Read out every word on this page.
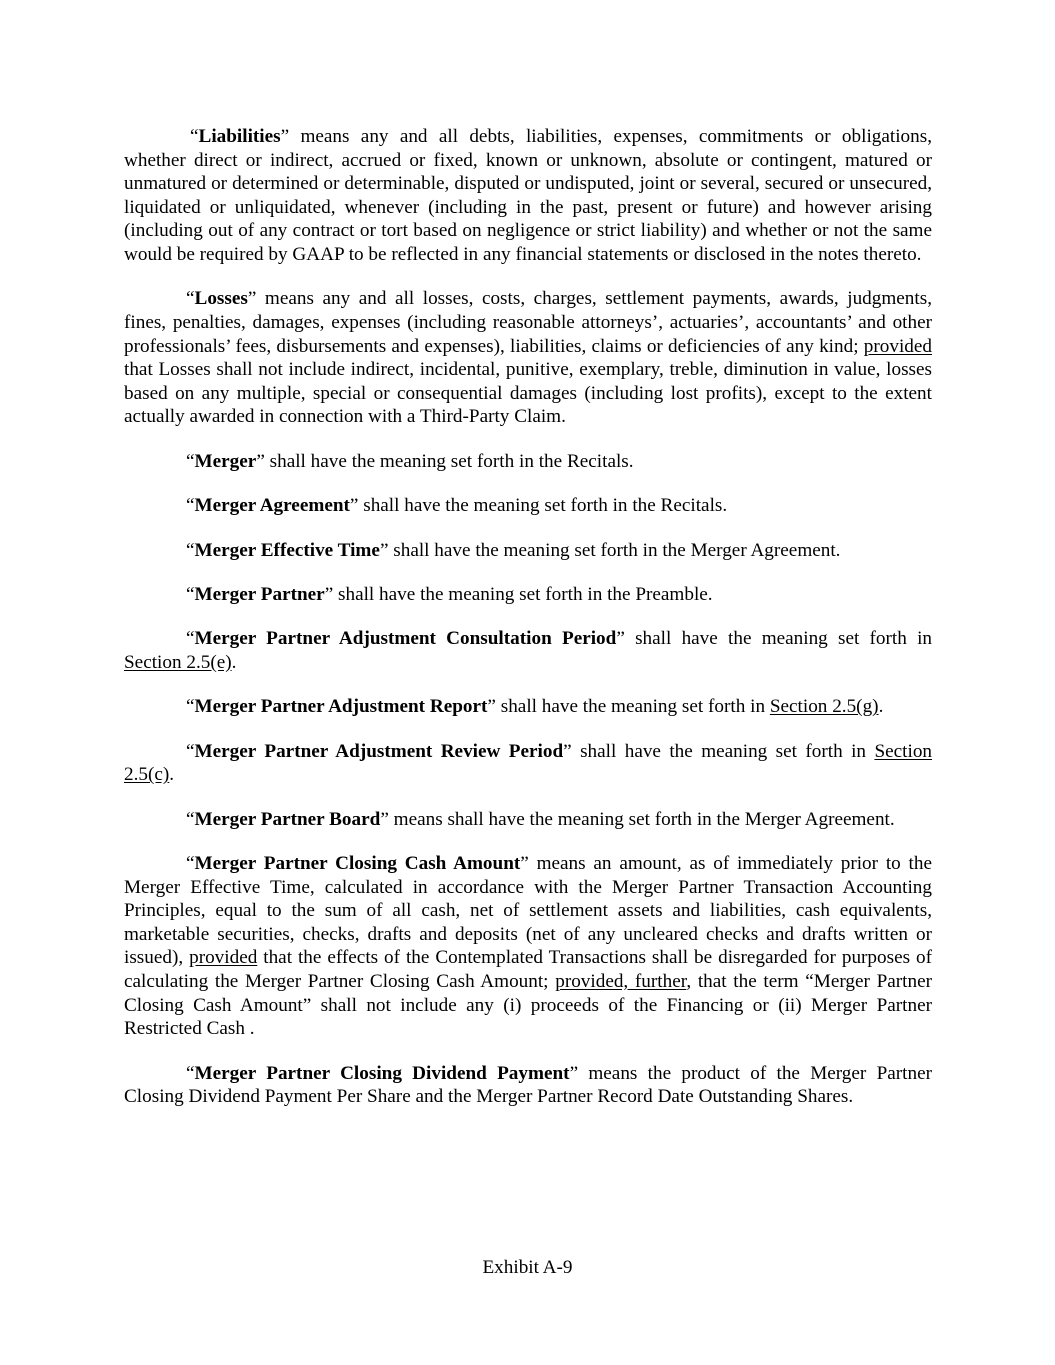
“Liabilities” means any and all debts, liabilities, expenses, commitments or obligations, whether direct or indirect, accrued or fixed, known or unknown, absolute or contingent, matured or unmatured or determined or determinable, disputed or undisputed, joint or several, secured or unsecured, liquidated or unliquidated, whenever (including in the past, present or future) and however arising (including out of any contract or tort based on negligence or strict liability) and whether or not the same would be required by GAAP to be reflected in any financial statements or disclosed in the notes thereto.

“Losses” means any and all losses, costs, charges, settlement payments, awards, judgments, fines, penalties, damages, expenses (including reasonable attorneys’, actuaries’, accountants’ and other professionals’ fees, disbursements and expenses), liabilities, claims or deficiencies of any kind; provided that Losses shall not include indirect, incidental, punitive, exemplary, treble, diminution in value, losses based on any multiple, special or consequential damages (including lost profits), except to the extent actually awarded in connection with a Third-Party Claim.

“Merger” shall have the meaning set forth in the Recitals.

“Merger Agreement” shall have the meaning set forth in the Recitals.

“Merger Effective Time” shall have the meaning set forth in the Merger Agreement.

“Merger Partner” shall have the meaning set forth in the Preamble.

“Merger Partner Adjustment Consultation Period” shall have the meaning set forth in Section 2.5(e).

“Merger Partner Adjustment Report” shall have the meaning set forth in Section 2.5(g).

“Merger Partner Adjustment Review Period” shall have the meaning set forth in Section 2.5(c).

“Merger Partner Board” means shall have the meaning set forth in the Merger Agreement.

“Merger Partner Closing Cash Amount” means an amount, as of immediately prior to the Merger Effective Time, calculated in accordance with the Merger Partner Transaction Accounting Principles, equal to the sum of all cash, net of settlement assets and liabilities, cash equivalents, marketable securities, checks, drafts and deposits (net of any uncleared checks and drafts written or issued), provided that the effects of the Contemplated Transactions shall be disregarded for purposes of calculating the Merger Partner Closing Cash Amount; provided, further, that the term “Merger Partner Closing Cash Amount” shall not include any (i) proceeds of the Financing or (ii) Merger Partner Restricted Cash .

“Merger Partner Closing Dividend Payment” means the product of the Merger Partner Closing Dividend Payment Per Share and the Merger Partner Record Date Outstanding Shares.

Exhibit A-9
